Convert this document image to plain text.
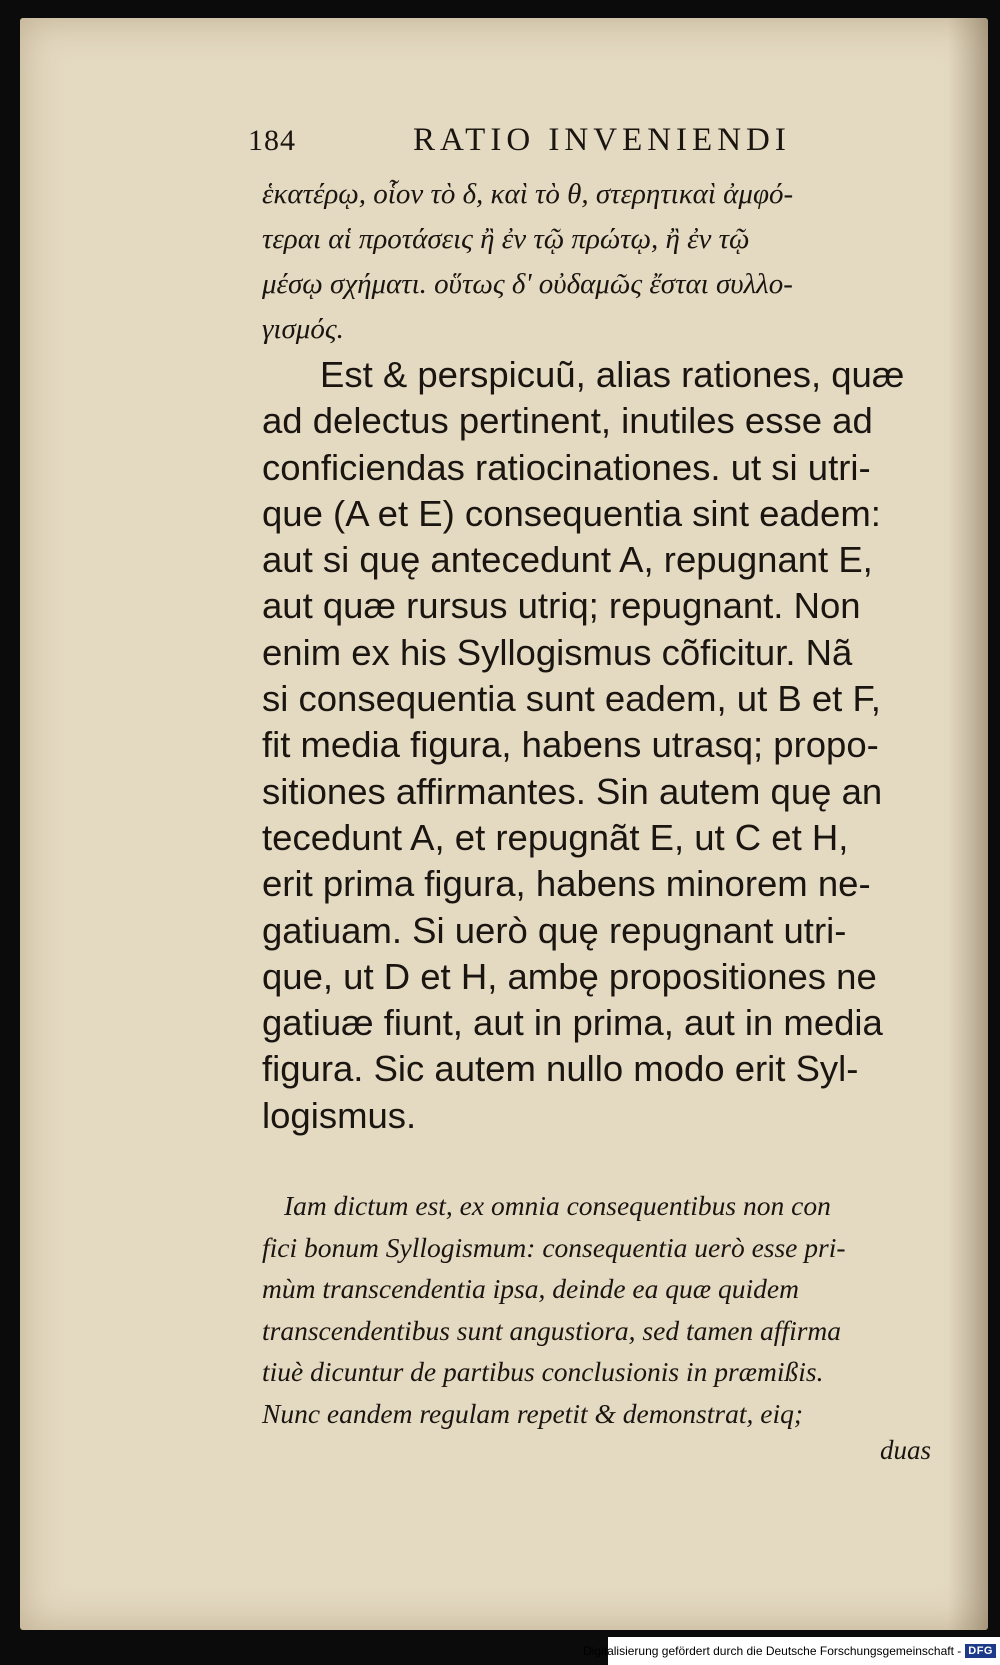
184	RATIO INVENIENDI
ἑκατέρῳ, οἷον τὸ δ, καὶ τὸ θ, στερητικαὶ ἀμφό-
τεραι αἱ προτάσεις ἢ ἐν τῷ πρώτῳ, ἢ ἐν τῷ
μέσῳ σχήματι. οὕτως δ' οὐδαμῶς ἔσται συλλο-
γισμός.
Est & perspicuũ, alias rationes, quæ
ad delectus pertinent, inutiles esse ad
conficiendas ratiocinationes. ut si utri-
que (A et E) consequentia sint eadem:
aut si quę antecedunt A, repugnant E,
aut quæ rursus utriq; repugnant. Non
enim ex his Syllogismus cõficitur. Nã
si consequentia sunt eadem, ut B et F,
fit media figura, habens utrasq; propo-
sitiones affirmantes. Sin autem quę an
tecedunt A, et repugnãt E, ut C et H,
erit prima figura, habens minorem ne-
gatiuam. Si uerò quę repugnant utri-
que, ut D et H, ambę propositiones ne
gatiuæ fiunt, aut in prima, aut in media
figura. Sic autem nullo modo erit Syl-
logismus.
Iam dictum est, ex omnia consequentibus non con
fici bonum Syllogismum: consequentia uerò esse pri-
mùm transcendentia ipsa, deinde ea quæ quidem
transcendentibus sunt angustiora, sed tamen affirma
tiuè dicuntur de partibus conclusionis in præmißis.
Nunc eandem regulam repetit & demonstrat, eiq;
duas
Digitalisierung gefördert durch die Deutsche Forschungsgemeinschaft - DFG
